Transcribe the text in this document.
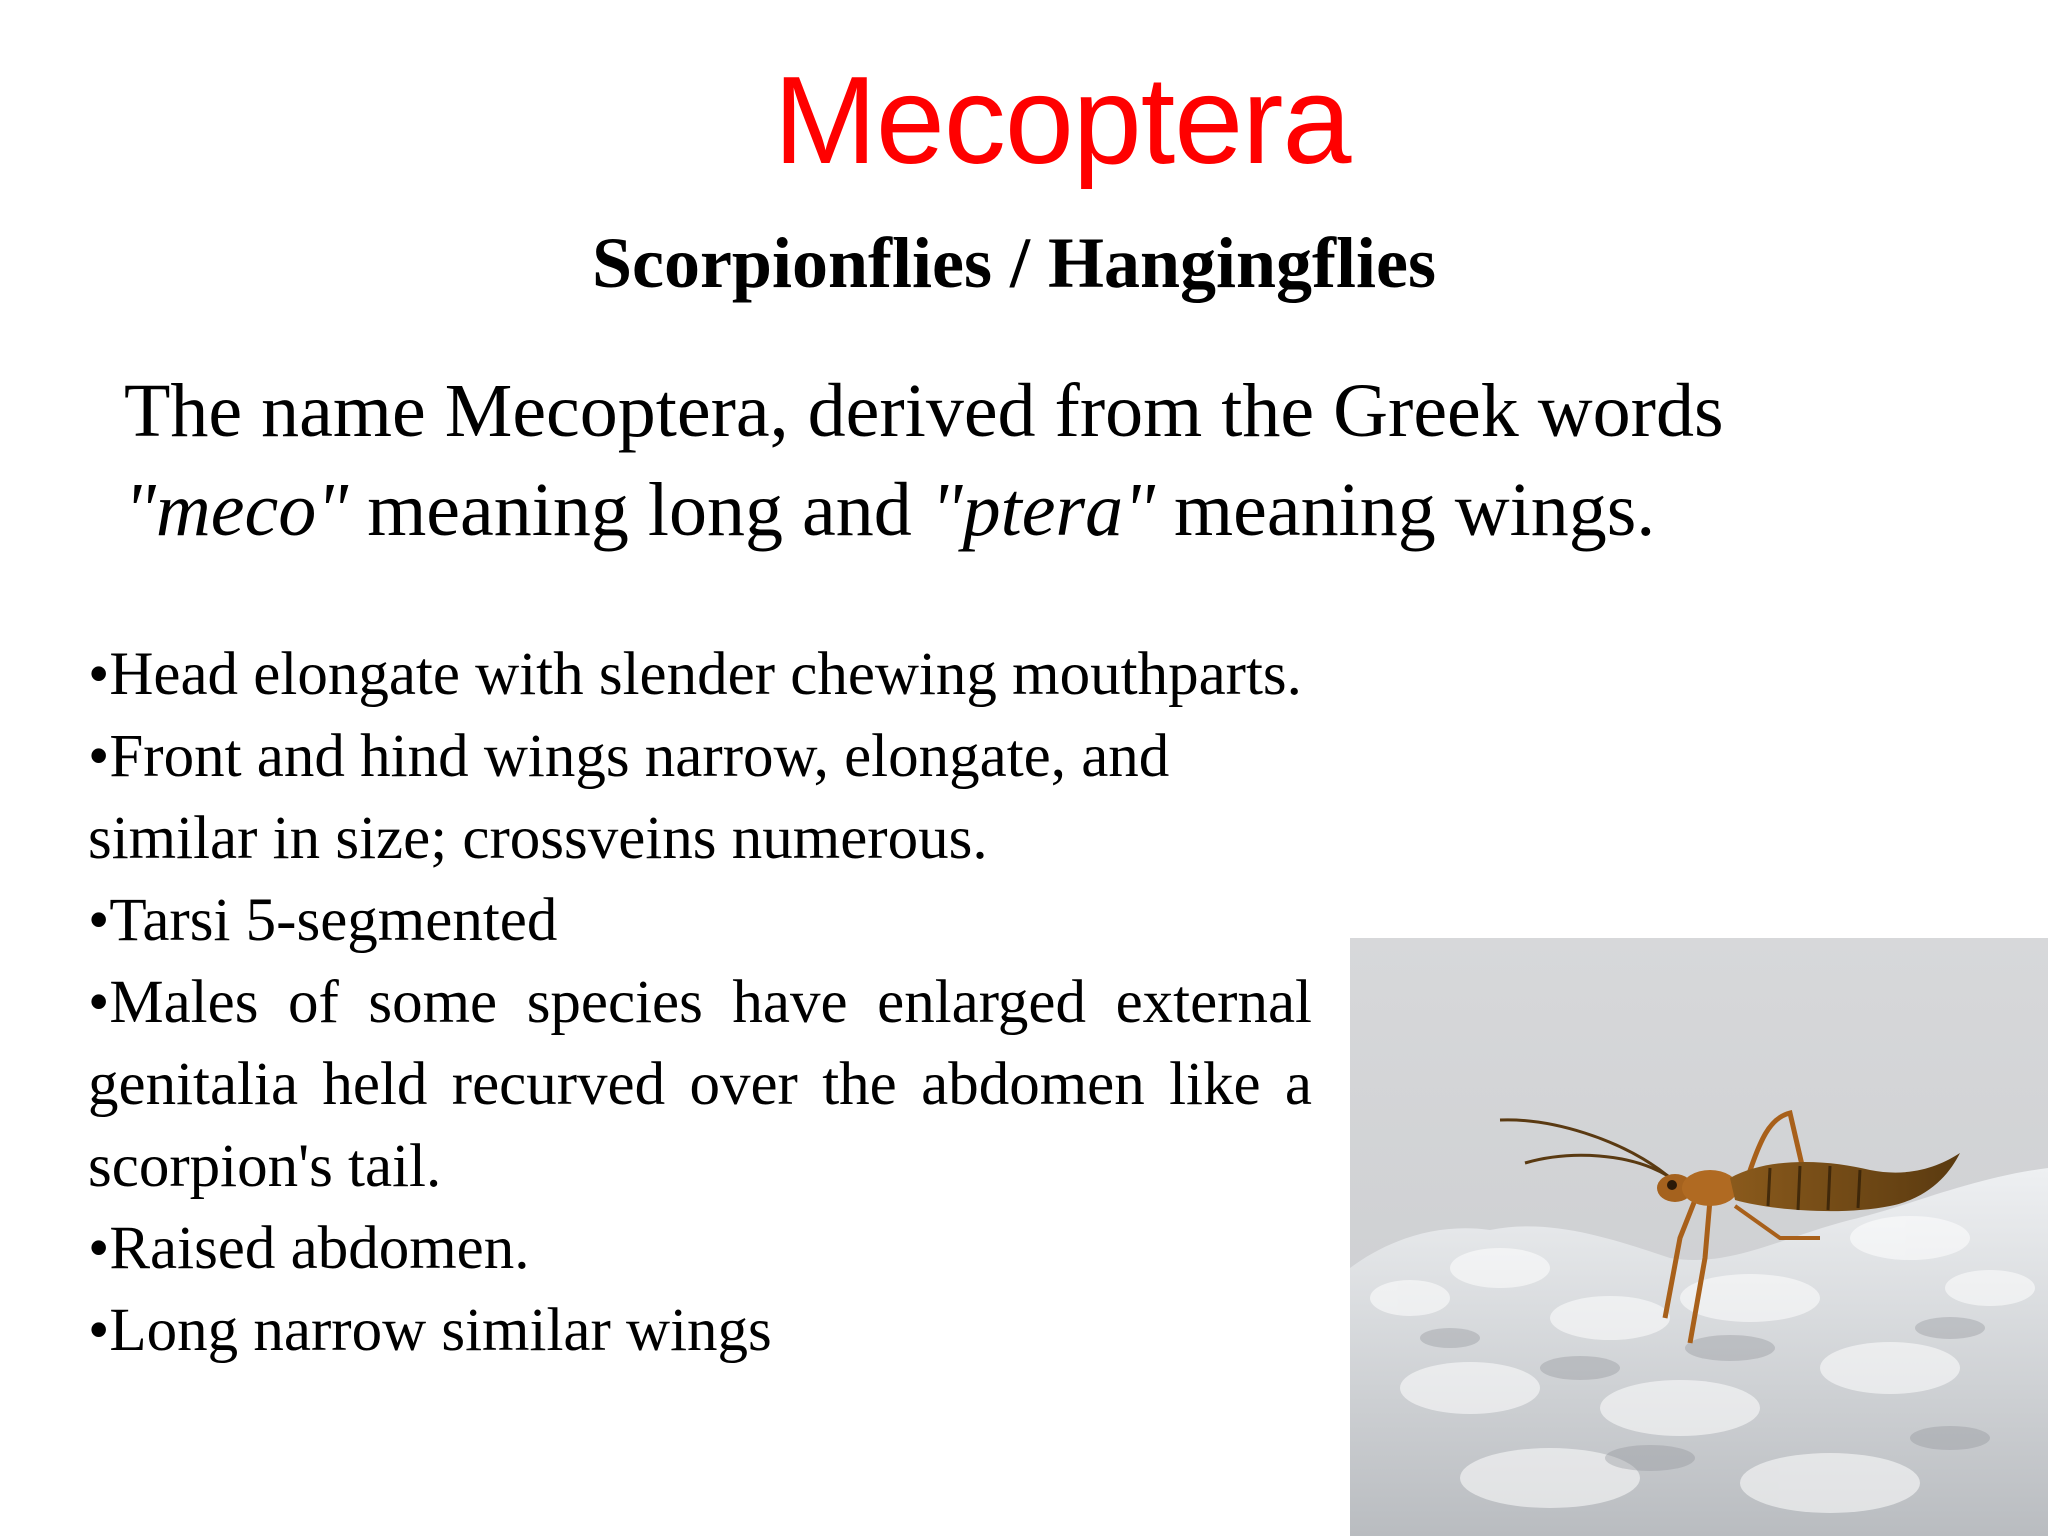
Mecoptera
Scorpionflies / Hangingflies
The name Mecoptera, derived from the Greek words
"meco" meaning long and "ptera" meaning wings.

•Head elongate with slender chewing mouthparts.

•Front and hind wings narrow, elongate, and similar in size; crossveins numerous.

•Tarsi 5-segmented

•Males of some species have enlarged external genitalia held recurved over the abdomen like a scorpion's tail.

•Raised abdomen.

•Long narrow similar wings
